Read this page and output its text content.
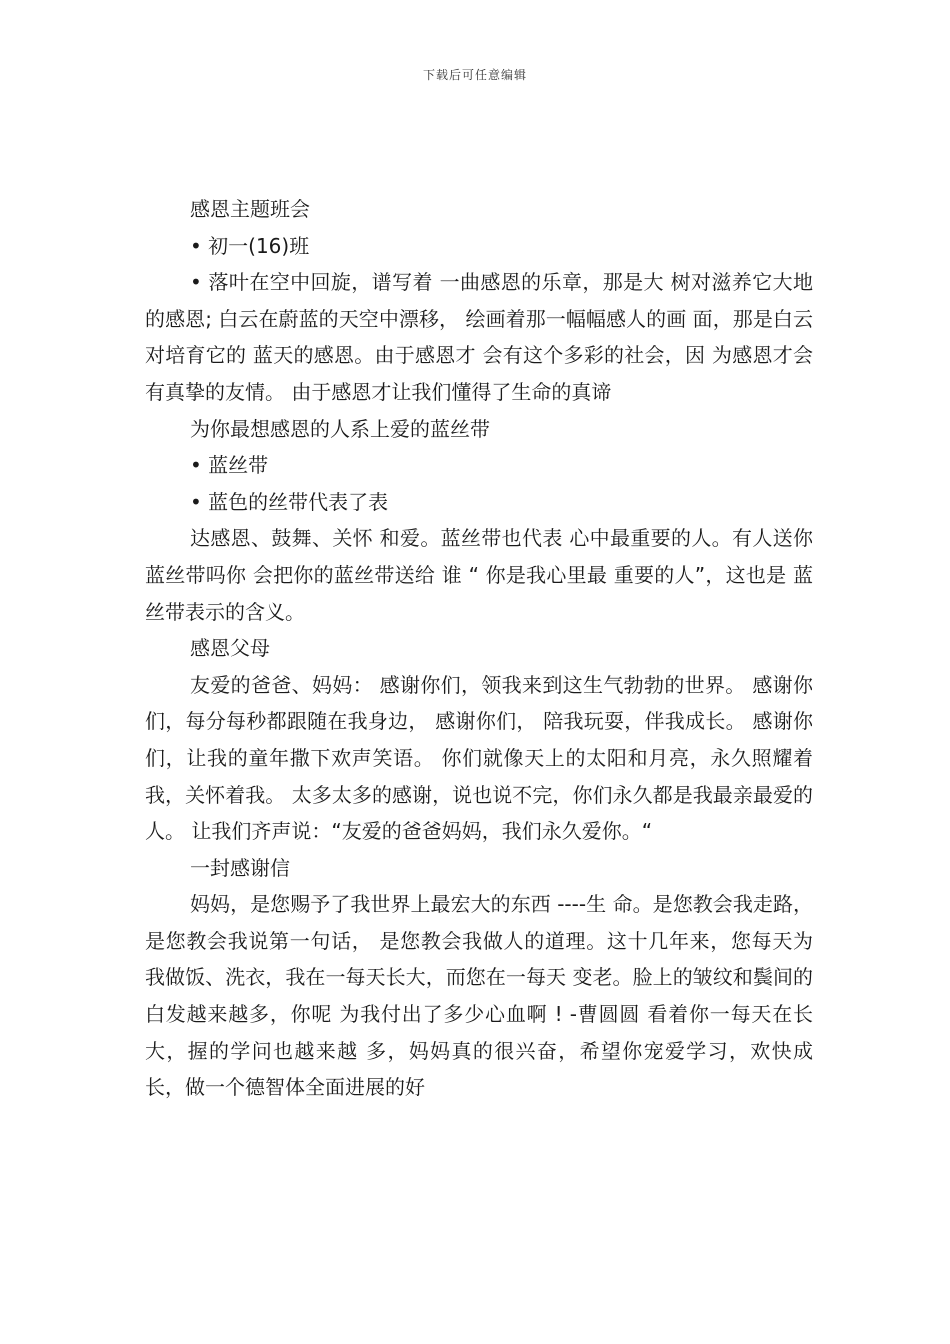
下载后可任意编辑

感恩主题班会

• 初一(16)班

• 落叶在空中回旋，谱写着 一曲感恩的乐章，那是大 树对滋养它大地的感恩; 白云在蔚蓝的天空中漂移， 绘画着那一幅幅感人的画 面，那是白云对培育它的 蓝天的感恩。由于感恩才 会有这个多彩的社会，因 为感恩才会有真挚的友情。 由于感恩才让我们懂得了生命的真谛

为你最想感恩的人系上爱的蓝丝带

• 蓝丝带

• 蓝色的丝带代表了表

达感恩、鼓舞、关怀 和爱。蓝丝带也代表 心中最重要的人。有人送你蓝丝带吗你 会把你的蓝丝带送给 谁 “ 你是我心里最 重要的人”，这也是 蓝丝带表示的含义。

感恩父母

友爱的爸爸、妈妈： 感谢你们，领我来到这生气勃勃的世界。 感谢你们，每分每秒都跟随在我身边， 感谢你们， 陪我玩耍，伴我成长。 感谢你们，让我的童年撒下欢声笑语。 你们就像天上的太阳和月亮，永久照耀着我，关怀着我。 太多太多的感谢，说也说不完，你们永久都是我最亲最爱的 人。 让我们齐声说：“友爱的爸爸妈妈，我们永久爱你。“

一封感谢信

妈妈，是您赐予了我世界上最宏大的东西 ----生 命。是您教会我走路，是您教会我说第一句话， 是您教会我做人的道理。这十几年来，您每天为 我做饭、洗衣，我在一每天长大，而您在一每天 变老。脸上的皱纹和鬓间的白发越来越多，你呢 为我付出了多少心血啊 ! -曹圆圆 看着你一每天在长大，握的学问也越来越 多，妈妈真的很兴奋，希望你宠爱学习，欢快成 长，做一个德智体全面进展的好
